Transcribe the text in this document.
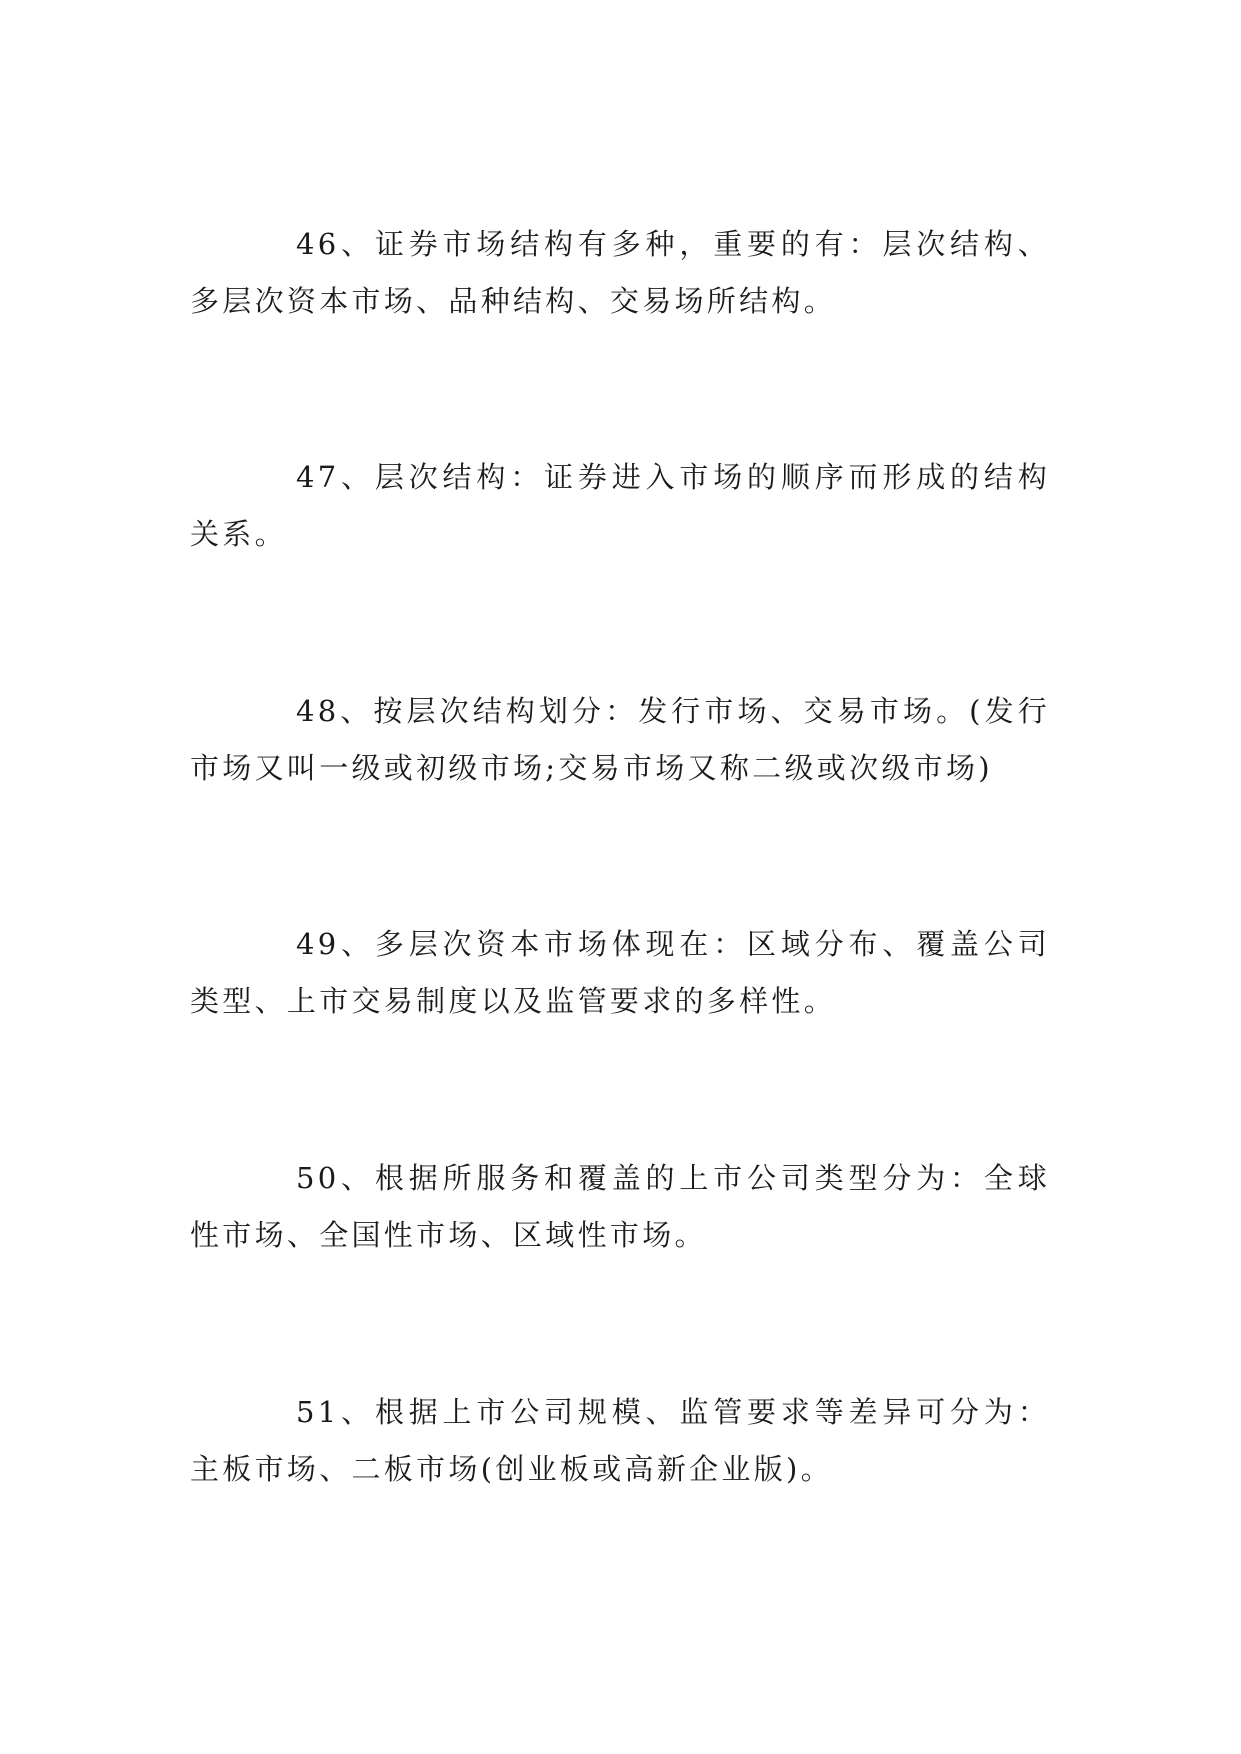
46、证券市场结构有多种，重要的有：层次结构、多层次资本市场、品种结构、交易场所结构。

47、层次结构：证券进入市场的顺序而形成的结构关系。

48、按层次结构划分：发行市场、交易市场。(发行市场又叫一级或初级市场;交易市场又称二级或次级市场)

49、多层次资本市场体现在：区域分布、覆盖公司类型、上市交易制度以及监管要求的多样性。

50、根据所服务和覆盖的上市公司类型分为：全球性市场、全国性市场、区域性市场。

51、根据上市公司规模、监管要求等差异可分为：主板市场、二板市场(创业板或高新企业版)。
